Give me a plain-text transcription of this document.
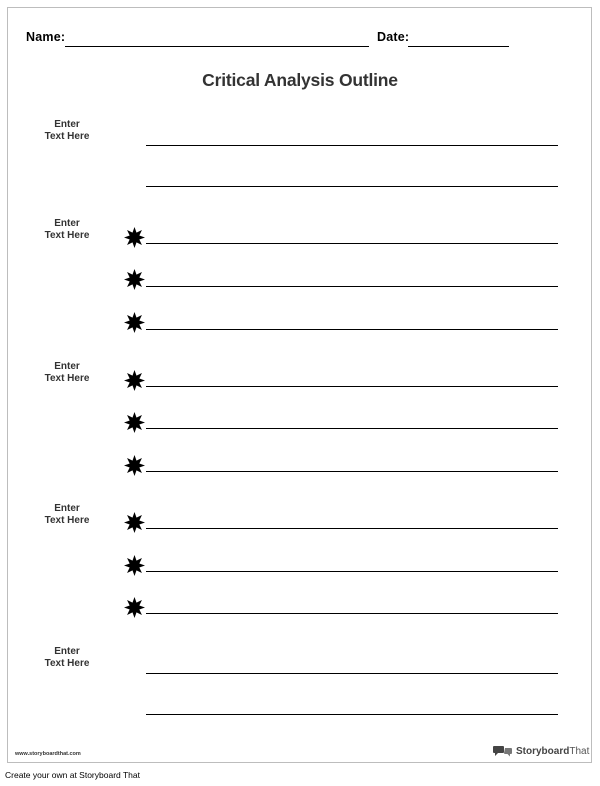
Name:	Date:
Critical Analysis Outline
Enter
Text Here
Enter
Text Here
Enter
Text Here
Enter
Text Here
Enter
Text Here
www.storyboardthat.com	StoryboardThat
Create your own at Storyboard That
